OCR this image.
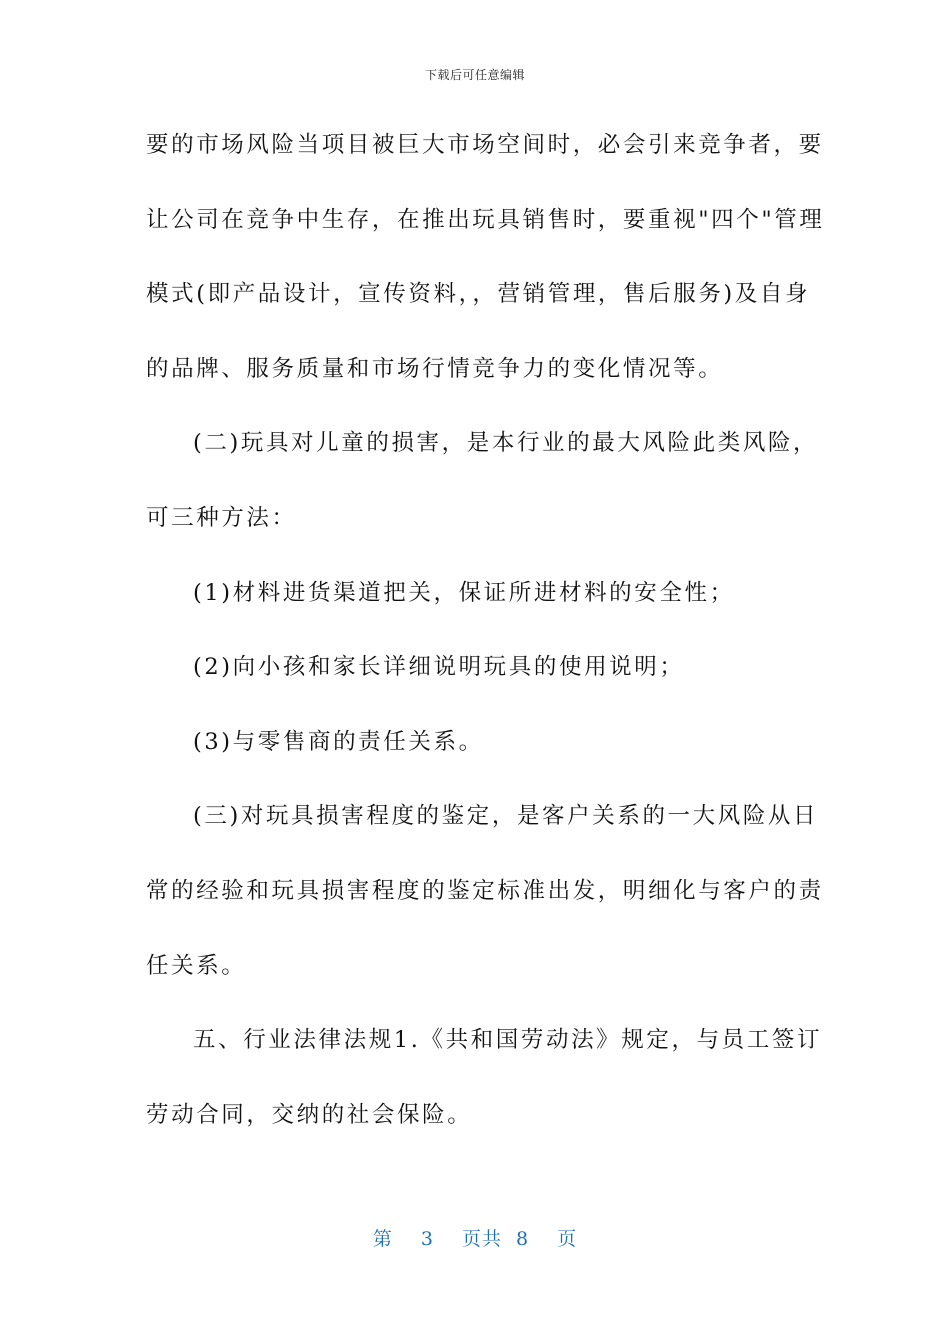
下载后可任意编辑
要的市场风险当项目被巨大市场空间时，必会引来竞争者，要
让公司在竞争中生存，在推出玩具销售时，要重视"四个"管理
模式(即产品设计，宣传资料，，营销管理，售后服务)及自身
的品牌、服务质量和市场行情竞争力的变化情况等。
(二)玩具对儿童的损害，是本行业的最大风险此类风险，
可三种方法：
(1)材料进货渠道把关，保证所进材料的安全性；
(2)向小孩和家长详细说明玩具的使用说明；
(3)与零售商的责任关系。
(三)对玩具损害程度的鉴定，是客户关系的一大风险从日
常的经验和玩具损害程度的鉴定标准出发，明细化与客户的责
任关系。
五、行业法律法规1.《共和国劳动法》规定，与员工签订
劳动合同，交纳的社会保险。
第 3 页共 8 页
